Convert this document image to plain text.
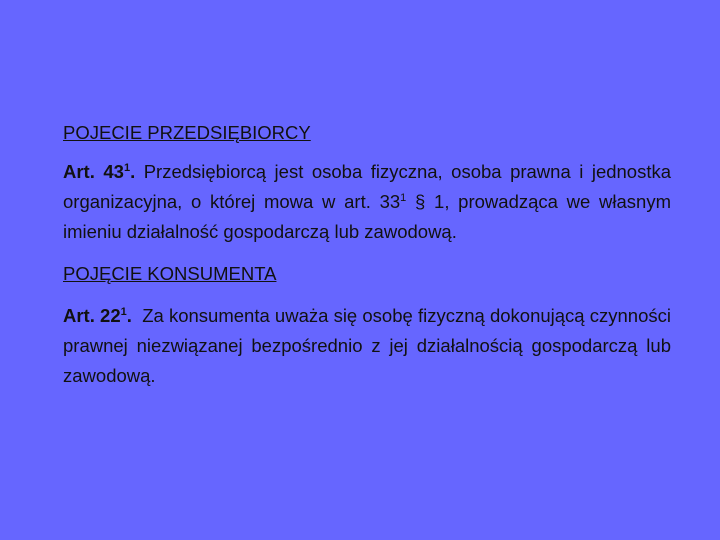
POJECIE PRZEDSIĘBIORCY

Art. $43^1$. Przedsiębiorcą jest osoba fizyczna, osoba prawna i jednostka organizacyjna, o której mowa w art. $33^1$ § 1, prowadząca we własnym imieniu działalność gospodarczą lub zawodową.

POJĘCIE KONSUMENTA

Art. $22^1$. Za konsumenta uważa się osobę fizyczną dokonującą czynności prawnej niezwiązanej bezpośrednio z jej działalnością gospodarczą lub zawodową.
